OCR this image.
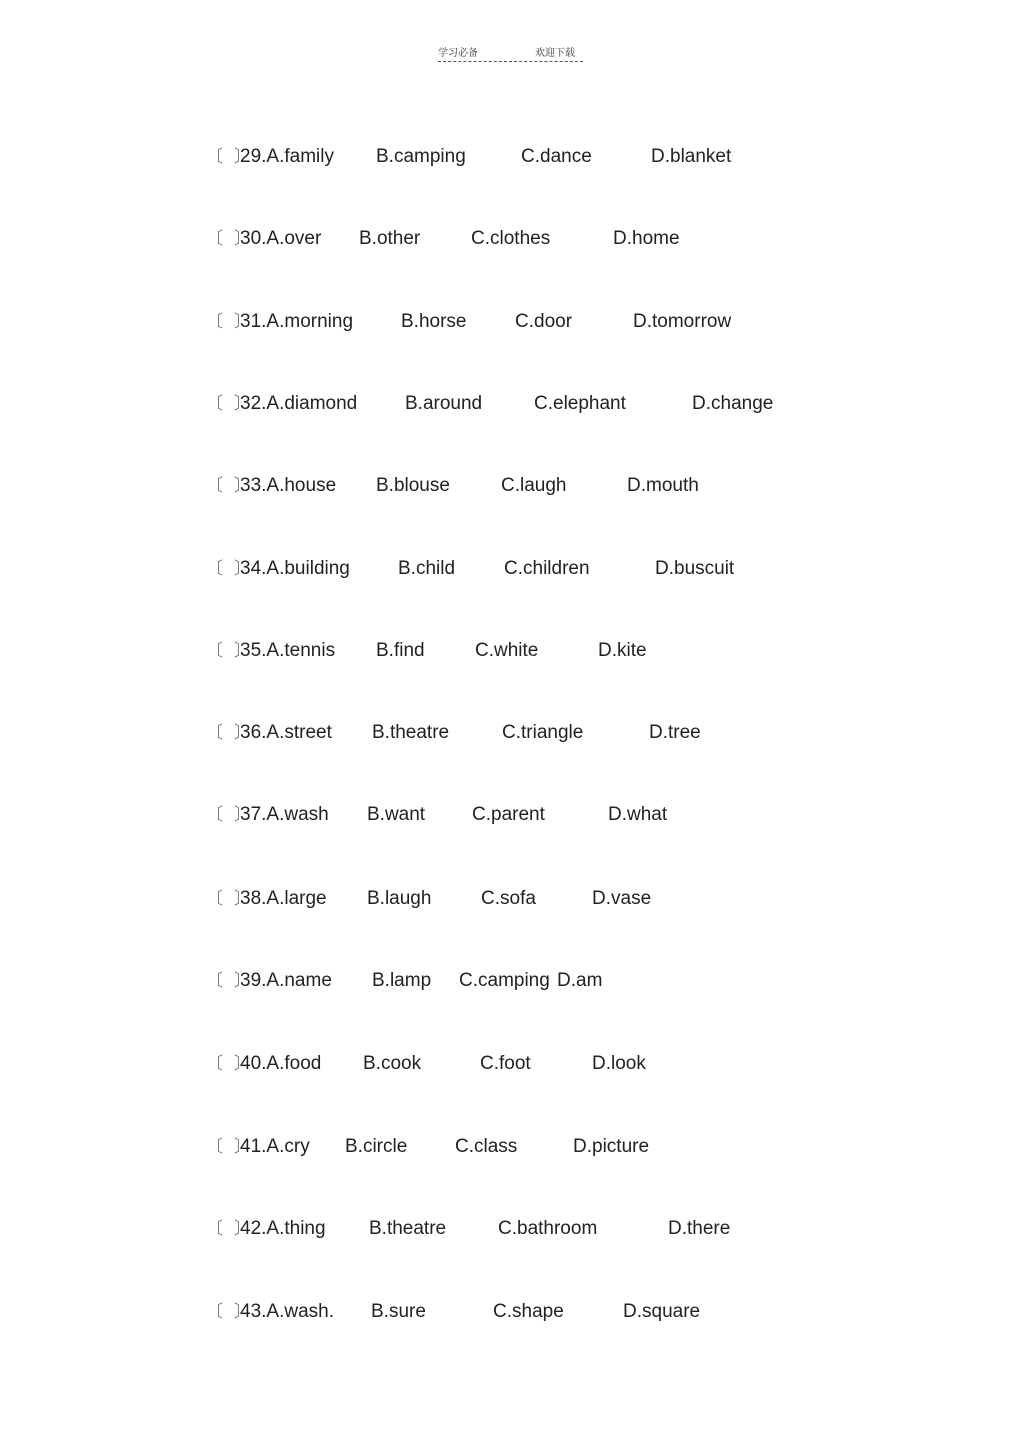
学习必备	欢迎下载
〔 〕
29.A.family B.camping	C.dance	D.blanket
〔 〕
30.A.over B.other	C.clothes	D.home
〔 〕
31.A.morning	B.horse	C.door	D.tomorrow
〔 〕
32.A.diamond	B.around	C.elephant	D.change
〔 〕
33.A.house B.blouse	C.laugh	D.mouth
〔 〕
34.A.building	B.child	C.children	D.buscuit
〔 〕
35.A.tennis B.find	C.white	D.kite
〔 〕
36.A.street B.theatre	C.triangle	D.tree
〔 〕
37.A.wash B.want C.parent	D.what
〔 〕
38.A.large B.laugh	C.sofa	D.vase
〔 〕
39.A.name B.lamp C.camping D.am
〔 〕
40.A.food B.cook	C.foot	D.look
〔 〕
41.A.cry B.circle	C.class	D.picture
〔 〕
42.A.thing B.theatre	C.bathroom	D.there
〔 〕
43.A.wash. B.sure	C.shape	D.square
